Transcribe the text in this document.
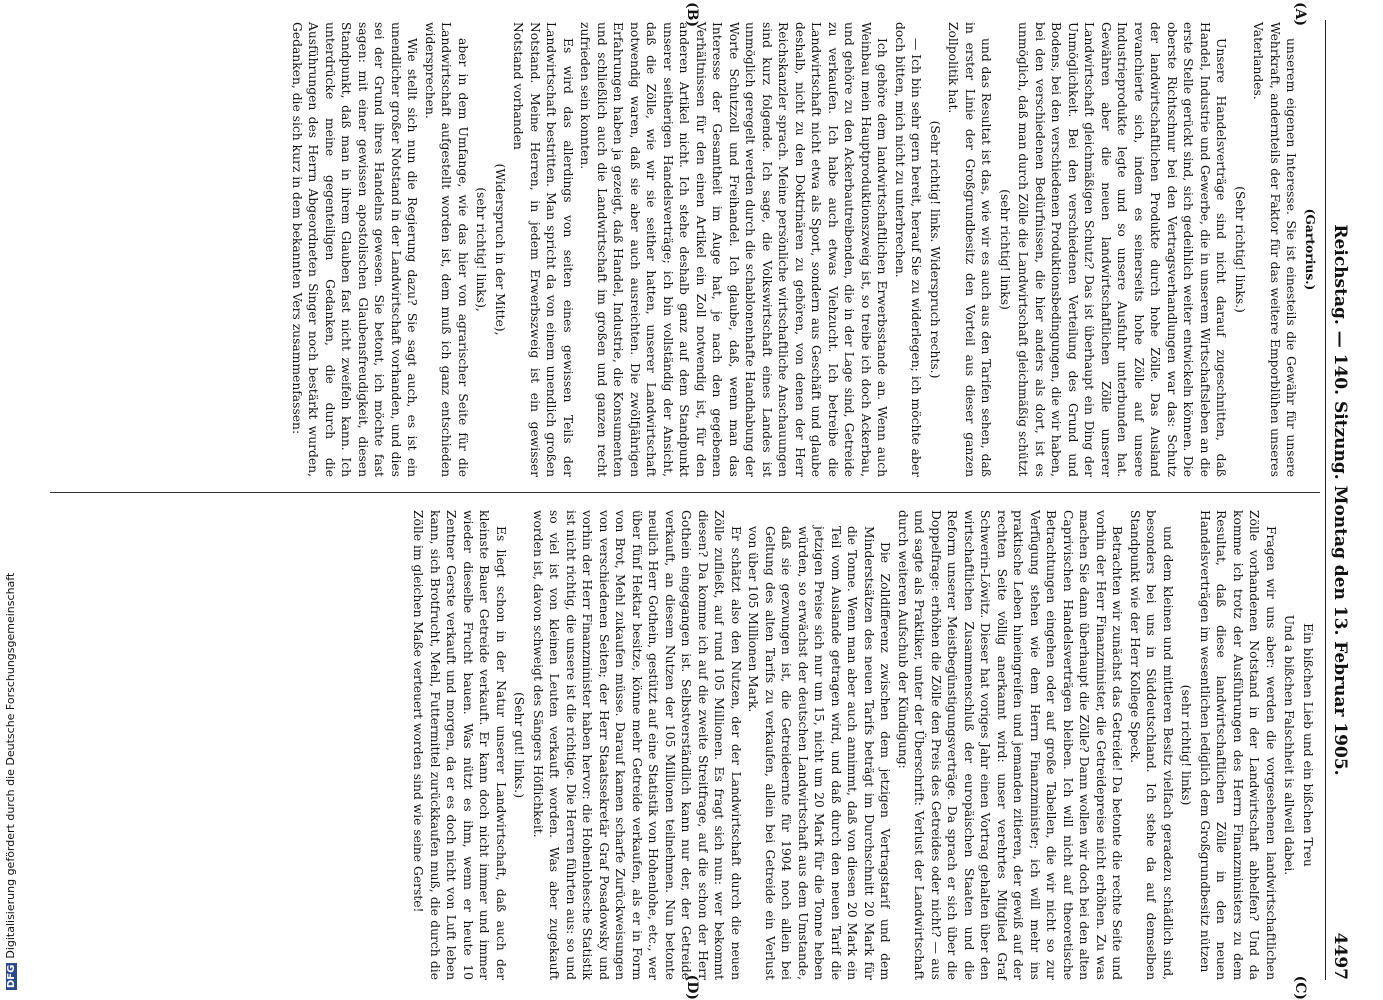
Reichstag. — 140. Sitzung. Montag den 13. Februar 1905.
4497
(Gartorius.)

unserem eigenen Interesse. Sie ist einesteils die Gewähr für unsere Wehrkraft, andernteils der Faktor für das weitere Emporblühen unseres Vaterlandes.

(Sehr richtig! links.)

Unsere Handelsverträge sind nicht darauf zugeschnitten, daß Handel, Industrie und Gewerbe, die in unserem Wirtschaftsleben an die erste Stelle gerückt sind, sich gedeihlich weiter entwickeln können. Die oberste Richtschnur bei den Vertragsverhandlungen war das: Schutz der landwirtschaftlichen Produkte durch hohe Zölle. Das Ausland revanchierte sich, indem es seinerseits hohe Zölle auf unsere Industrieprodukte legte und so unsere Ausfuhr unterbunden hat. Gewähren aber die neuen landwirtschaftlichen Zölle unserer Landwirtschaft gleichmäßigen Schutz? Das ist überhaupt ein Ding der Unmöglichkeit. Bei den verschiedenen Verteilung des Grund und Bodens, bei den verschiedenen Produktionsbedingungen, die wir haben, bei den verschiedenen Bedürfnissen, die hier anders als dort, ist es unmöglich, daß man durch Zölle die Landwirtschaft gleichmäßig schützt

(sehr richtig! links)

und das Resultat ist das, wie wir es auch aus den Tarifen sehen, daß in erster Linie der Großgrundbesitz den Vorteil aus dieser ganzen Zollpolitik hat.

(Sehr richtig! links. Widerspruch rechts.)

— Ich bin sehr gern bereit, herauf Sie zu widerlegen; ich möchte aber doch bitten, mich nicht zu unterbrechen.

Ich gehöre dem landwirtschaftlichen Erwerbsstande an. Wenn auch Weinbau mein Hauptproduktionszweig ist, so treibe ich doch Ackerbau, und gehöre zu den Ackerbautreibenden, die in der Lage sind, Getreide zu verkaufen. Ich habe auch etwas Viehzucht. Ich betreibe die Landwirtschaft nicht etwa als Sport, sondern aus Geschäft und glaube deshalb, nicht zu den Doktrinären zu gehören, von denen der Herr Reichskanzler sprach. Meine persönliche wirtschaftliche Anschauungen sind kurz folgende. Ich sage, die Volkswirtschaft eines Landes ist unmöglich geregelt werden durch die schablonenhafte Handhabung der Worte Schutzzoll und Freihandel. Ich glaube, daß, wenn man das Interesse der Gesamtheit im Auge hat, je nach den gegebenen Verhältnissen für den einen Artikel ein Zoll notwendig ist, für den anderen Artikel nicht. Ich stehe deshalb ganz auf dem Standpunkt unserer seitherigen Handelsverträge; ich bin vollständig der Ansicht, daß die Zölle, wie wir sie seither hatten, unserer Landwirtschaft notwendig waren, daß sie aber auch ausreichten. Die zwölfjährigen Erfahrungen haben ja gezeigt, daß Handel, Industrie, die Konsumenten und schließlich auch die Landwirtschaft im großen und ganzen recht zufrieden sein konnten.

Es wird das allerdings von seiten eines gewissen Teils der Landwirtschaft bestritten. Man spricht da von einem unendlich großen Notstand. Meine Herren, in jedem Erwerbszweig ist ein gewisser Notstand vorhanden

(Widerspruch in der Mitte),

(sehr richtig! links),

aber in dem Umfange, wie das hier von agrarischer Seite für die Landwirtschaft aufgestellt worden ist, dem muß ich ganz entschieden widersprechen.

Wie stellt sich nun die Regierung dazu? Sie sagt auch, es ist ein unendlicher großer Notstand in der Landwirtschaft vorhanden, und dies sei der Grund ihres Handelns gewesen. Sie betont, ich möchte fast sagen: mit einer gewissen apostolischen Glaubensfreudigkeit, diesen Standpunkt, daß man in ihrem Glauben fast nicht zweifeln kann. Ich unterdrücke meine gegenteiligen Gedanken, die durch die Ausführungen des Herrn Abgeordneten Singer noch bestärkt wurden, Gedanken, die sich kurz in dem bekannten Vers zusammenfassen:

(A)
(B)

Ein bißchen Lieb und ein bißchen Treu

Und a bißchen Falschheit is allweil dabei.

Fragen wir uns aber: werden die vorgesehenen landwirtschaftlichen Zölle vorhandenen Notstand in der Landwirtschaft abhelfen? Und da komme ich trotz der Ausführungen des Herrn Finanzministers zu dem Resultat, daß diese landwirtschaftlichen Zölle in den neuen Handelsverträgen im wesentlichen lediglich dem Großgrundbesitz nützen

(sehr richtig! links)

und dem kleinen und mittleren Besitz vielfach geradezu schädlich sind, besonders bei uns in Süddeutschland. Ich stehe da auf demselben Standpunkt wie der Herr Kollege Speck.

Betrachten wir zunächst das Getreide! Da betonte die rechte Seite und vorhin der Herr Finanzminister, die Getreidepreise nicht erhöhen. Zu was machen Sie dann überhaupt die Zölle? Dann wollen wir doch bei den alten Caprivischen Handelsverträgen bleiben. Ich will nicht auf theoretische Betrachtungen eingehen oder auf große Tabellen, die wir nicht so zur Verfügung stehen wie dem Herrn Finanzminister; ich will mehr ins praktische Leben hineingreifen und jemanden zitieren, der gewiß auf der rechten Seite völlig anerkannt wird: unser verehrtes Mitglied Graf Schwerin-Löwitz. Dieser hat voriges Jahr einen Vortrag gehalten über den wirtschaftlichen Zusammenschluß der europäischen Staaten und die Reform unserer Meistbegünstigungsverträge. Da sprach er sich über die Doppelfrage: erhöhen die Zölle den Preis des Getreides oder nicht? — aus und sagte als Praktiker, unter der Überschrift: Verlust der Landwirtschaft durch weiteren Aufschub der Kündigung:

Die Zolldifferenz zwischen dem jetzigen Vertragstarif und dem Minderstsätzen des neuen Tarifs beträgt im Durchschnitt 20 Mark für die Tonne. Wenn man aber auch annimmt, daß von diesen 20 Mark ein Teil vom Auslande getragen wird, und daß durch den neuen Tarif die jetzigen Preise sich nur um 15, nicht um 20 Mark für die Tonne heben würden, so erwächst der deutschen Landwirtschaft aus dem Umstande, daß sie gezwungen ist, die Getreideernte für 1904 noch allein bei Geltung des alten Tarifs zu verkaufen, allein bei Getreide ein Verlust von über 105 Millionen Mark.

Er schätzt also den Nutzen, der der Landwirtschaft durch die neuen Zölle zufließt, auf rund 105 Millionen. Es fragt sich nun: wer bekommt diesen? Da komme ich auf die zweite Streitfrage, auf die schon der Herr Gothein eingegangen ist. Selbstverständlich kann nur der, der Getreide verkauft, an diesem Nutzen der 105 Millionen teilnehmen. Nun betonte neulich Herr Gothein, gestützt auf eine Statistik von Hohenlohe, etc., wer über fünf Hektar besitze, könne mehr Getreide verkaufen, als er in Form von Brot, Mehl zukaufen müsse. Darauf kamen scharfe Zurückweisungen von verschiedenen Seiten; der Herr Staatssekretär Graf Posadowsky und vorhin der Herr Finanzminister haben hervor: die Hohenlohesche Statistik ist nicht richtig, die unsere ist die richtige. Die Herren führten aus: so und so viel ist von kleinen Leuten verkauft worden. Was aber zugekauft worden ist, davon schweigt des Sängers Höflichkeit.

(Sehr gut! links.)

Es liegt schon in der Natur unserer Landwirtschaft, daß auch der kleinste Bauer Getreide verkauft. Er kann doch nicht immer und immer wieder dieselbe Frucht bauen. Was nützt es ihm, wenn er heute 10 Zentner Gerste verkauft und morgen, da er es doch nicht von Luft leben kann, sich Brotfrucht, Mehl, Futtermittel zurückkaufen muß, die durch die Zölle im gleichen Maße verteuert worden sind wie seine Gerste!

(C)
(D)
DFGDigitalisierung gefördert durch die Deutsche Forschungsgemeinschaft
